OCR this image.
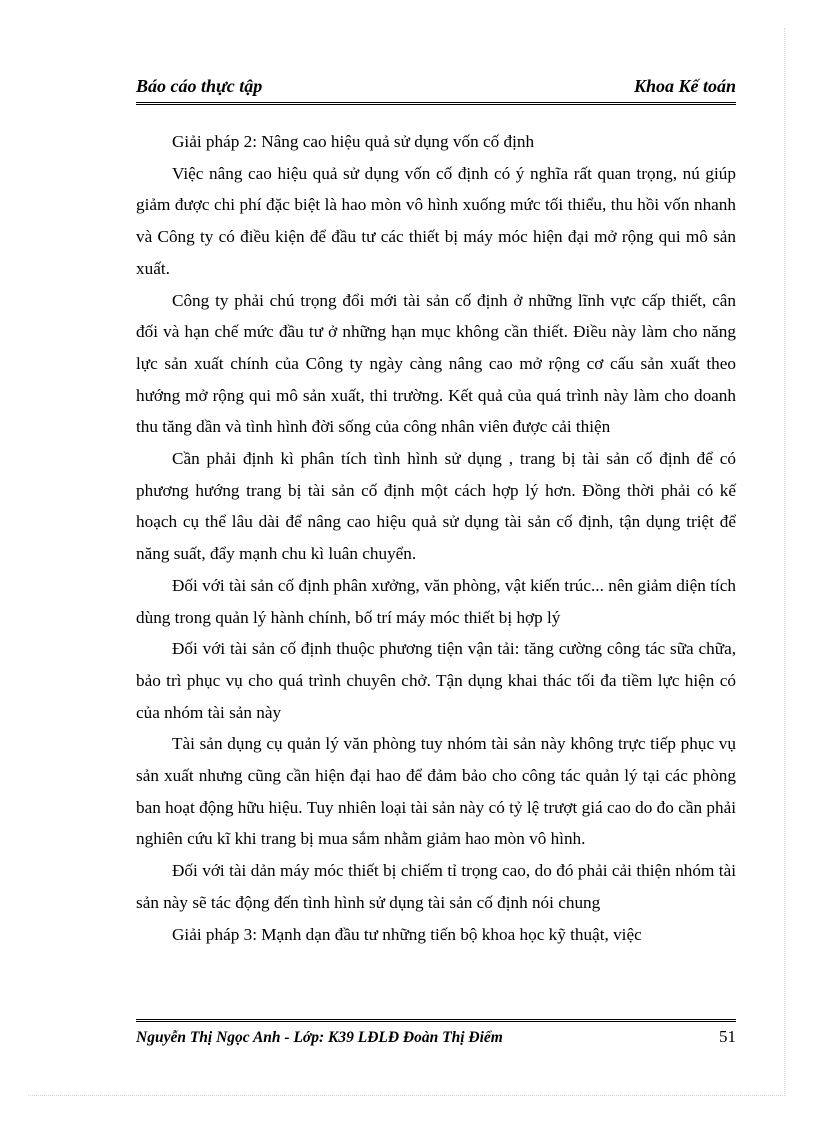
Báo cáo thực tập	Khoa Kế toán

Giải pháp 2: Nâng cao hiệu quả sử dụng vốn cố định

Việc nâng cao hiệu quả sử dụng vốn cố định có ý nghĩa rất quan trọng, nú giúp giảm được chi phí đặc biệt là hao mòn vô hình xuống mức tối thiểu, thu hồi vốn nhanh và Công ty có điều kiện để đầu tư các thiết bị máy móc hiện đại mở rộng qui mô sản xuất.

Công ty phải chú trọng đổi mới tài sản cố định ở những lĩnh vực cấp thiết, cân đối và hạn chế mức đầu tư ở những hạn mục không cần thiết. Điều này làm cho năng lực sản xuất chính của Công ty ngày càng nâng cao mở rộng cơ cấu sản xuất theo hướng mở rộng qui mô sản xuất, thi trường. Kết quả của quá trình này làm cho doanh thu tăng dần và tình hình đời sống của công nhân viên được cải thiện

Cần phải định kì phân tích tình hình sử dụng , trang bị tài sản cố định để có phương hướng trang bị tài sản cố định một cách hợp lý hơn. Đồng thời phải có kế hoạch cụ thể lâu dài để nâng cao hiệu quả sử dụng tài sản cố định, tận dụng triệt để năng suất, đẩy mạnh chu kì luân chuyển.

Đối với tài sản cố định phân xưởng, văn phòng, vật kiến trúc... nên giảm diện tích dùng trong quản lý hành chính, bố trí máy móc thiết bị hợp lý

Đối với tài sản cố định thuộc phương tiện vận tải: tăng cường công tác sữa chữa, bảo trì phục vụ cho quá trình chuyên chở. Tận dụng khai thác tối đa tiềm lực hiện có của nhóm tài sản này

Tài sản dụng cụ quản lý văn phòng tuy nhóm tài sản này không trực tiếp phục vụ sản xuất nhưng cũng cần hiện đại hao để đảm bảo cho công tác quản lý tại các phòng ban hoạt động hữu hiệu. Tuy nhiên loại tài sản này có tỷ lệ trượt giá cao do đo cần phải nghiên cứu kĩ khi trang bị mua sắm nhằm giảm hao mòn vô hình.

Đối với tài dản máy móc thiết bị chiếm tỉ trọng cao, do đó phải cải thiện nhóm tài sản này sẽ tác động đến tình hình sử dụng tài sản cố định nói chung

Giải pháp 3: Mạnh dạn đầu tư những tiến bộ khoa học kỹ thuật, việc

Nguyễn Thị Ngọc Anh - Lớp: K39 LĐLĐ Đoàn Thị Điểm	51
